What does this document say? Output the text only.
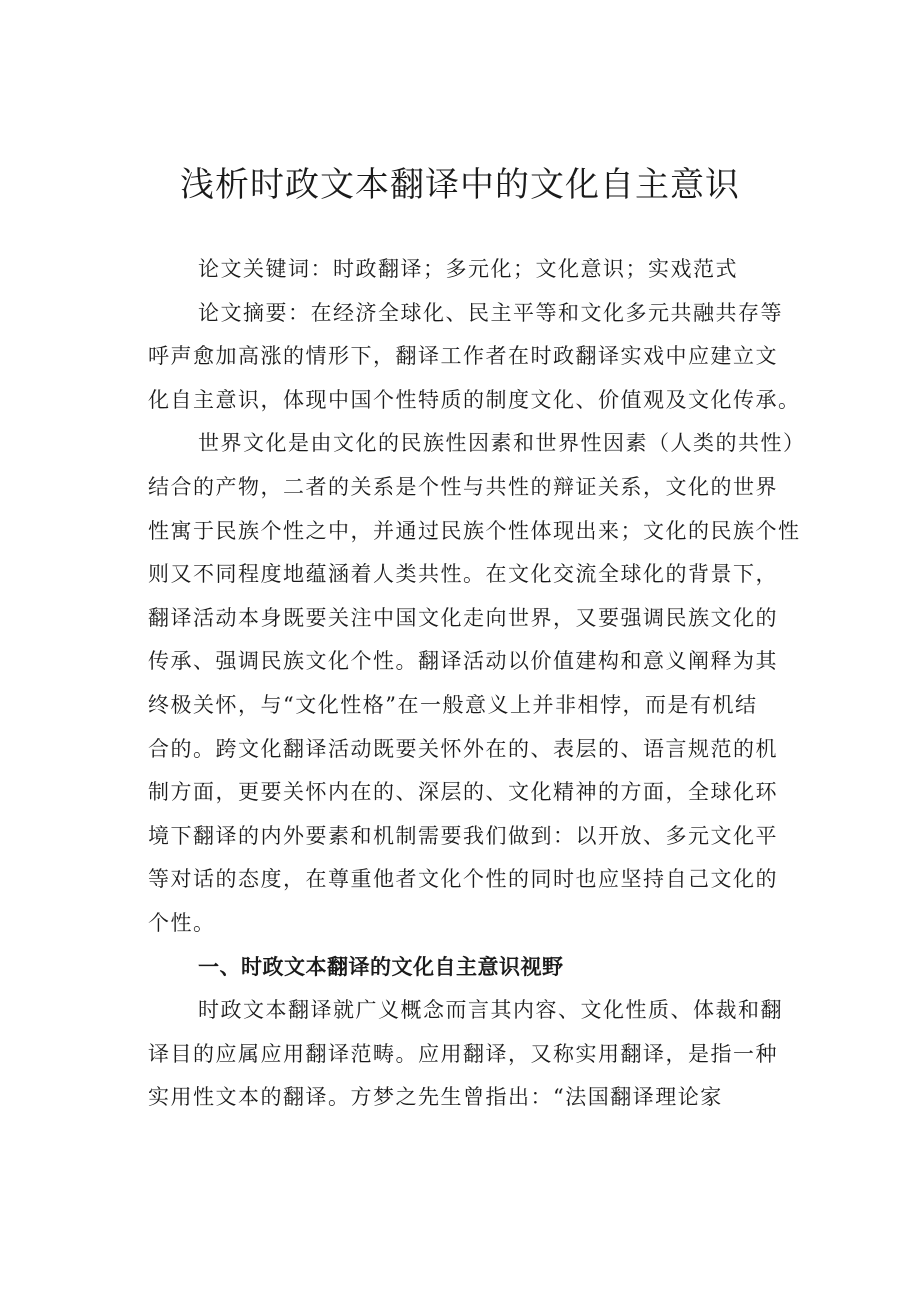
浅析时政文本翻译中的文化自主意识
论文关键词：时政翻译；多元化；文化意识；实戏范式
论文摘要：在经济全球化、民主平等和文化多元共融共存等
呼声愈加高涨的情形下，翻译工作者在时政翻译实戏中应建立文
化自主意识，体现中国个性特质的制度文化、价值观及文化传承。
世界文化是由文化的民族性因素和世界性因素（人类的共性）
结合的产物，二者的关系是个性与共性的辩证关系，文化的世界
性寓于民族个性之中，并通过民族个性体现出来；文化的民族个性
则又不同程度地蕴涵着人类共性。在文化交流全球化的背景下，
翻译活动本身既要关注中国文化走向世界，又要强调民族文化的
传承、强调民族文化个性。翻译活动以价值建构和意义阐释为其
终极关怀，与“文化性格”在一般意义上并非相悖，而是有机结
合的。跨文化翻译活动既要关怀外在的、表层的、语言规范的机
制方面，更要关怀内在的、深层的、文化精神的方面，全球化环
境下翻译的内外要素和机制需要我们做到：以开放、多元文化平
等对话的态度，在尊重他者文化个性的同时也应坚持自己文化的
个性。
一、时政文本翻译的文化自主意识视野
时政文本翻译就广义概念而言其内容、文化性质、体裁和翻
译目的应属应用翻译范畴。应用翻译，又称实用翻译，是指一种
实用性文本的翻译。方梦之先生曾指出：“法国翻译理论家
